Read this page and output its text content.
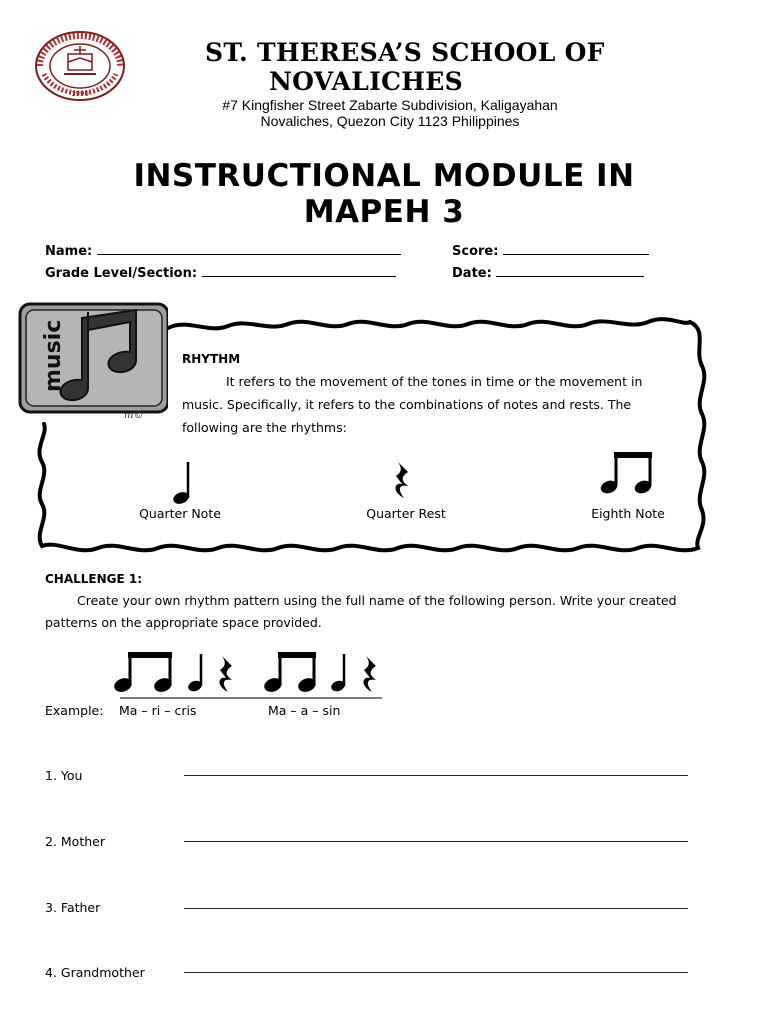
1990
ST. THERESA’S SCHOOL OF
NOVALICHES
#7 Kingfisher Street Zabarte Subdivision, Kaligayahan
Novaliches, Quezon City 1123 Philippines
INSTRUCTIONAL MODULE IN
MAPEH 3
Name:	Score:
Grade Level/Section:	Date:
music
m©
RHYTHM
It refers to the movement of the tones in time or the movement in music. Specifically, it refers to the combinations of notes and rests. The following are the rhythms:
Quarter Note	Quarter Rest	Eighth Note
CHALLENGE 1:
Create your own rhythm pattern using the full name of the following person. Write your created patterns on the appropriate space provided.
Example: Ma – ri – cris	Ma – a – sin
1. You
2. Mother
3. Father
4. Grandmother
